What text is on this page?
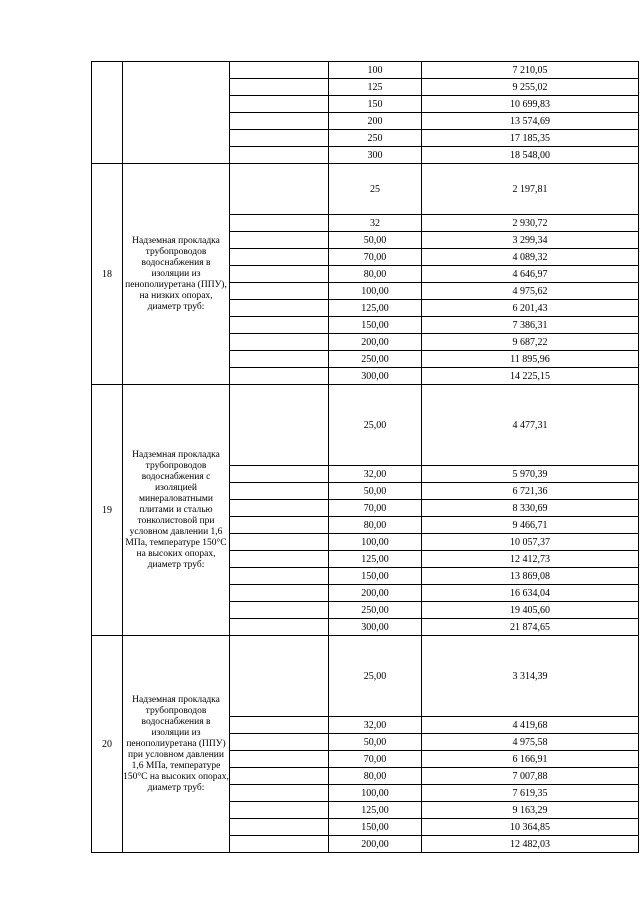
			100	7 210,05
			125	9 255,02
			150	10 699,83
			200	13 574,69
			250	17 185,35
			300	18 548,00
18	Надземная прокладка трубопроводов водоснабжения в изоляции из пенополиуретана (ППУ), на низких опорах, диаметр труб:		25	2 197,81
			32	2 930,72
			50,00	3 299,34
			70,00	4 089,32
			80,00	4 646,97
			100,00	4 975,62
			125,00	6 201,43
			150,00	7 386,31
			200,00	9 687,22
			250,00	11 895,96
			300,00	14 225,15
19	Надземная прокладка трубопроводов водоснабжения с изоляцией минераловатными плитами и сталью тонколистовой при условном давлении 1,6 МПа, температуре 150°С на высоких опорах, диаметр труб:		25,00	4 477,31
			32,00	5 970,39
			50,00	6 721,36
			70,00	8 330,69
			80,00	9 466,71
			100,00	10 057,37
			125,00	12 412,73
			150,00	13 869,08
			200,00	16 634,04
			250,00	19 405,60
			300,00	21 874,65
20	Надземная прокладка трубопроводов водоснабжения в изоляции из пенополиуретана (ППУ) при условном давлении 1,6 МПа, температуре 150°С на высоких опорах, диаметр труб:		25,00	3 314,39
			32,00	4 419,68
			50,00	4 975,58
			70,00	6 166,91
			80,00	7 007,88
			100,00	7 619,35
			125,00	9 163,29
			150,00	10 364,85
			200,00	12 482,03
